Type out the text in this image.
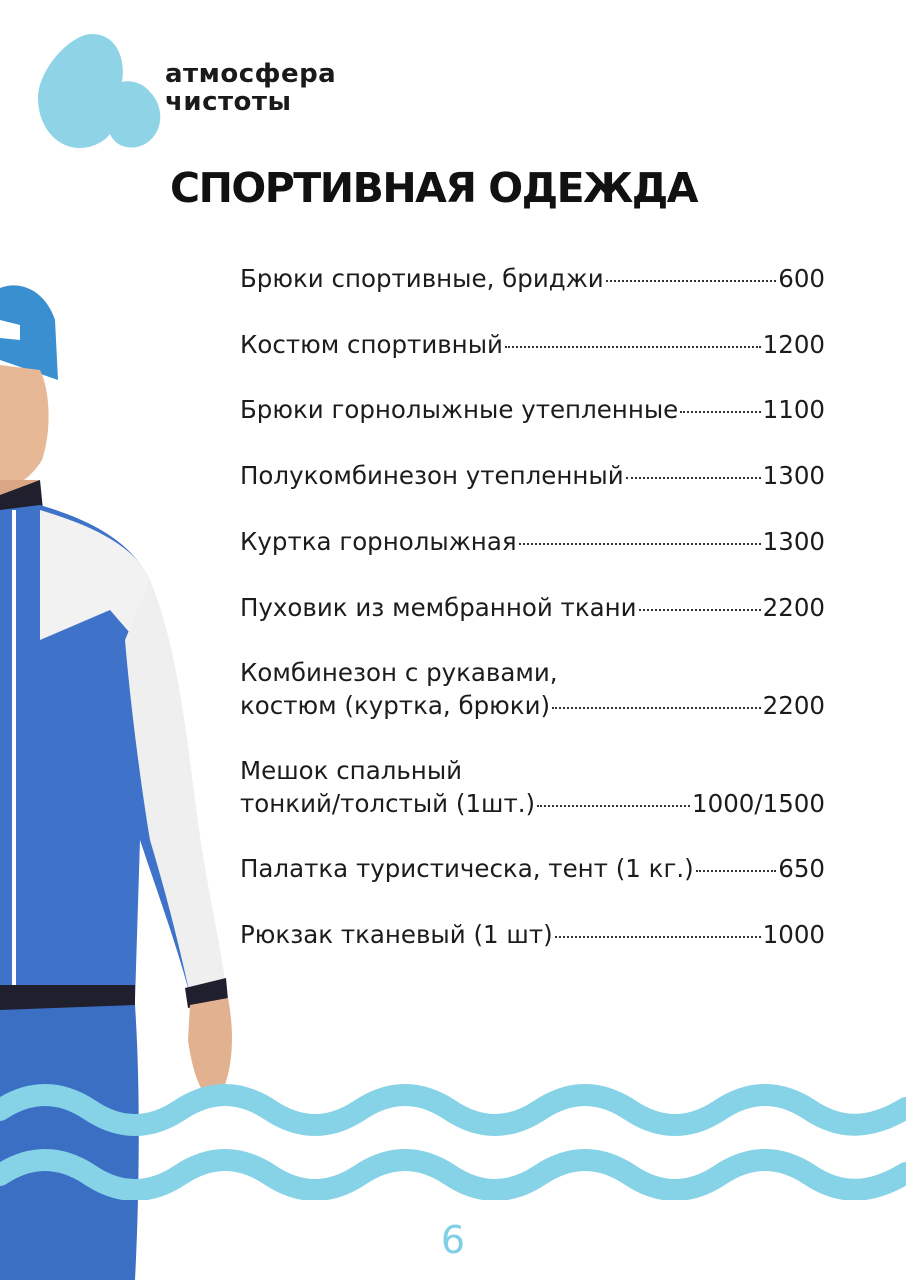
атмосфера
чистоты
СПОРТИВНАЯ ОДЕЖДА
Брюки спортивные, бриджи	600
Костюм спортивный	1200
Брюки горнолыжные утепленные	1100
Полукомбинезон утепленный	1300
Куртка горнолыжная	1300
Пуховик из мембранной ткани	2200
Комбинезон с рукавами,
костюм (куртка, брюки)	2200
Мешок спальный
тонкий/толстый (1шт.)	1000/1500
Палатка туристическа, тент (1 кг.)	650
Рюкзак тканевый (1 шт)	1000
6
